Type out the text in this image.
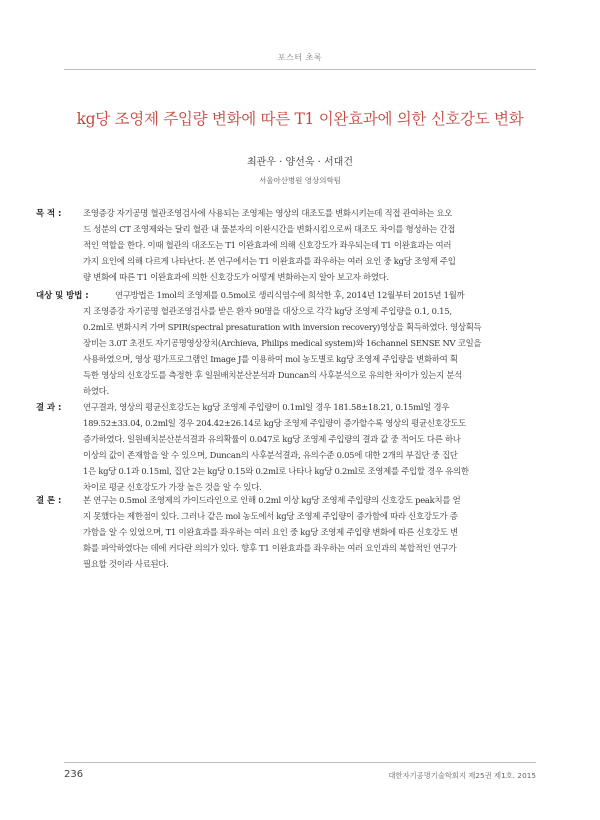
포스터 초록
kg당 조영제 주입량 변화에 따른 T1 이완효과에 의한 신호강도 변화
최관우 · 양선욱 · 서대건
서울아산병원 영상의학팀
목 적 :	조영증강 자기공명 혈관조영검사에 사용되는 조영제는 영상의 대조도를 변화시키는데 직접 관여하는 요오
드 성분의 CT 조영제와는 달리 혈관 내 물분자의 이완시간을 변화시킴으로써 대조도 차이를 형성하는 간접
적인 역할을 한다. 이때 혈관의 대조도는 T1 이완효과에 의해 신호강도가 좌우되는데 T1 이완효과는 여러
가지 요인에 의해 다르게 나타난다. 본 연구에서는 T1 이완효과를 좌우하는 여러 요인 중 kg당 조영제 주입
량 변화에 따른 T1 이완효과에 의한 신호강도가 어떻게 변화하는지 알아 보고자 하였다.
대상 및 방법 :	연구방법은 1mol의 조영제를 0.5mol로 생리식염수에 희석한 후, 2014년 12월부터 2015년 1월까
지 조영증강 자기공명 혈관조영검사를 받은 환자 90명을 대상으로 각각 kg당 조영제 주입량을 0.1, 0.15,
0.2ml로 변화시켜 가며 SPIR(spectral presaturation with inversion recovery)영상을 획득하였다. 영상획득
장비는 3.0T 초전도 자기공명영상장치(Archieva, Philips medical system)와 16channel SENSE NV 코일을
사용하였으며, 영상 평가프로그램인 Image J를 이용하여 mol 농도별로 kg당 조영제 주입량을 변화하여 획
득한 영상의 신호강도를 측정한 후 일원배치분산분석과 Duncan의 사후분석으로 유의한 차이가 있는지 분석
하였다.
결 과 :	연구결과, 영상의 평균신호강도는 kg당 조영제 주입량이 0.1ml일 경우 181.58±18.21, 0.15ml일 경우
189.52±33.04, 0.2ml일 경우 204.42±26.14로 kg당 조영제 주입량이 증가할수록 영상의 평균신호강도도
증가하였다. 일원배치분산분석결과 유의확률이 0.047로 kg당 조영제 주입량의 결과 값 중 적어도 다른 하나
이상의 값이 존재함을 알 수 있으며, Duncan의 사후분석결과, 유의수준 0.05에 대한 2개의 부집단 중 집단
1은 kg당 0.1과 0.15ml, 집단 2는 kg당 0.15와 0.2ml로 나타나 kg당 0.2ml로 조영제를 주입할 경우 유의한
차이로 평균 신호강도가 가장 높은 것을 알 수 있다.
결 론 :	본 연구는 0.5mol 조영제의 가이드라인으로 인해 0.2ml 이상 kg당 조영제 주입량의 신호강도 peak치를 얻
지 못했다는 제한점이 있다. 그러나 같은 mol 농도에서 kg당 조영제 주입량이 증가함에 따라 신호강도가 증
가함을 알 수 있었으며, T1 이완효과를 좌우하는 여러 요인 중 kg당 조영제 주입량 변화에 따른 신호강도 변
화를 파악하였다는 데에 커다란 의의가 있다. 향후 T1 이완효과를 좌우하는 여러 요인과의 복합적인 연구가
필요할 것이라 사료된다.
236	대한자기공명기술학회지 제25권 제1호. 2015
